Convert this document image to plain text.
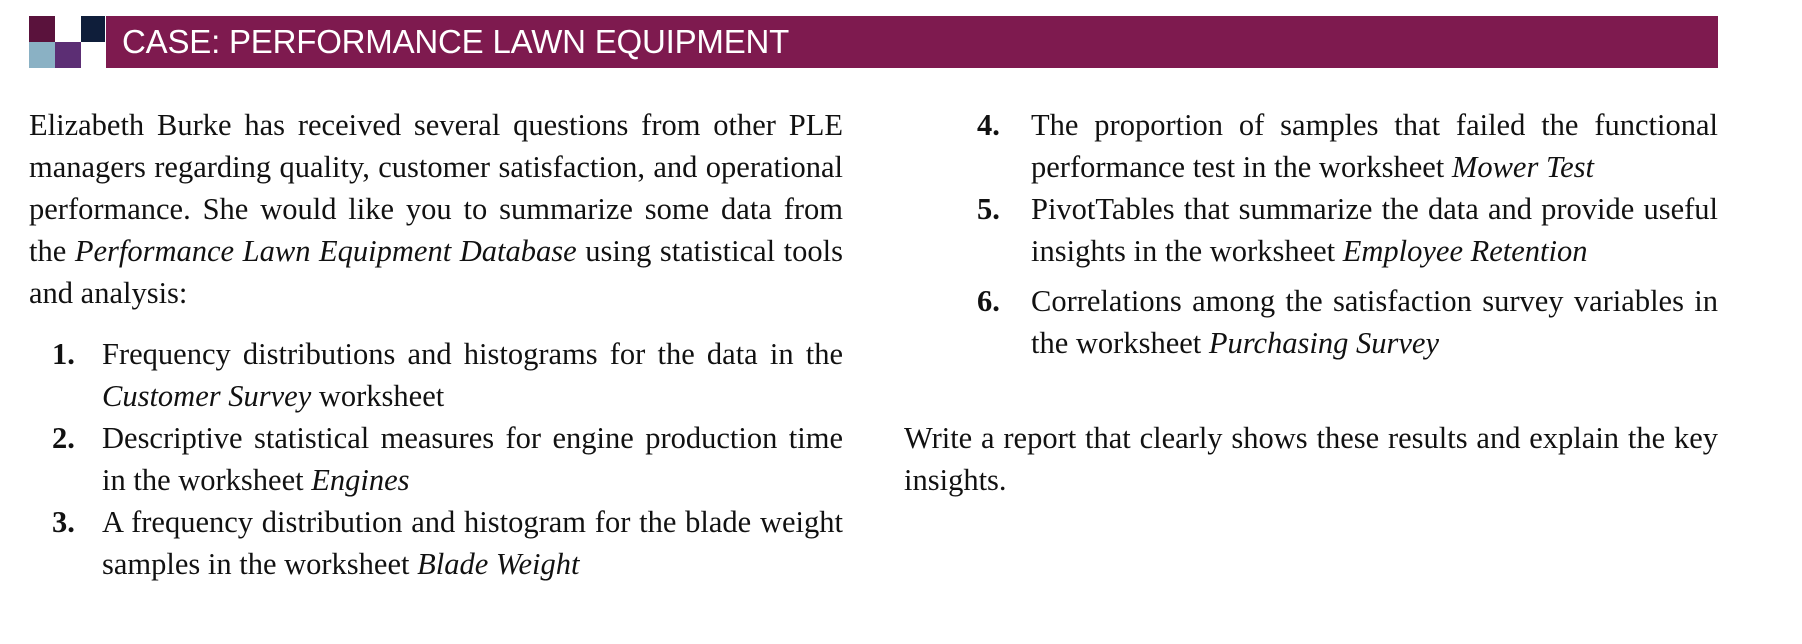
CASE: PERFORMANCE LAWN EQUIPMENT
Elizabeth Burke has received several questions from other PLE managers regarding quality, customer satisfaction, and operational performance. She would like you to summarize some data from the Performance Lawn Equipment Database using statistical tools and analysis:
1. Frequency distributions and histograms for the data in the Customer Survey worksheet
2. Descriptive statistical measures for engine production time in the worksheet Engines
3. A frequency distribution and histogram for the blade weight samples in the worksheet Blade Weight
4. The proportion of samples that failed the functional performance test in the worksheet Mower Test
5. PivotTables that summarize the data and provide useful insights in the worksheet Employee Retention
6. Correlations among the satisfaction survey variables in the worksheet Purchasing Survey
Write a report that clearly shows these results and explain the key insights.
